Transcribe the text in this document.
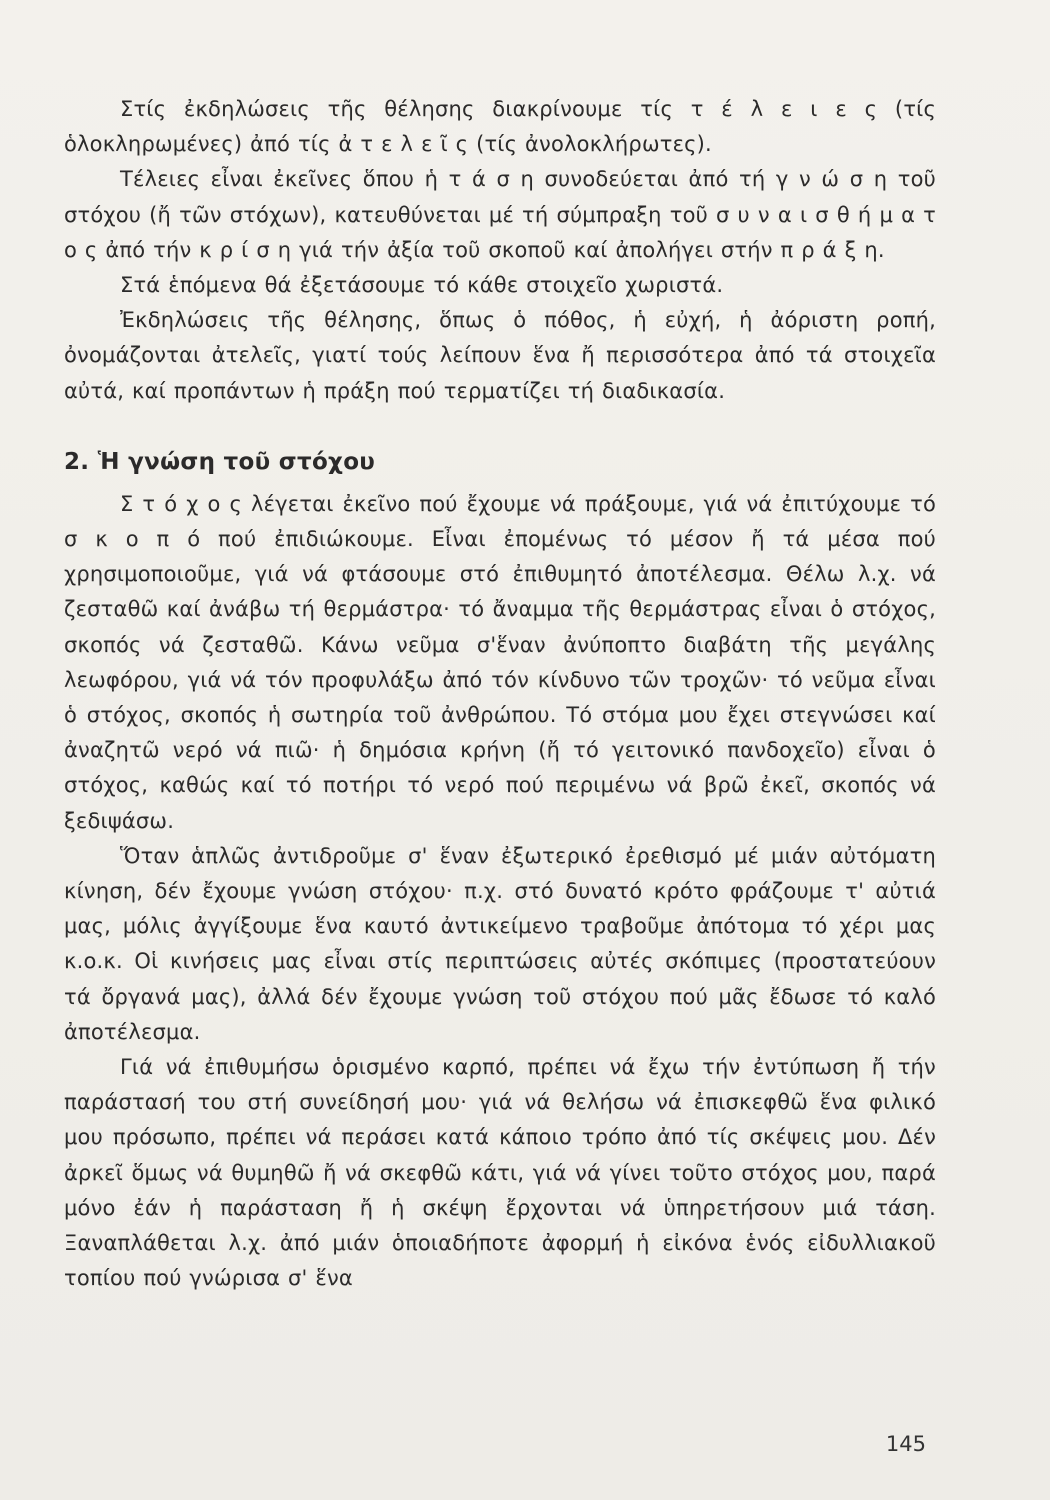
Στίς ἐκδηλώσεις τῆς θέλησης διακρίνουμε τίς τ έ λ ε ι ε ς (τίς ὁλοκληρωμένες) ἀπό τίς ἀ τ ε λ ε ῖ ς (τίς ἀνολοκλήρωτες).

Τέλειες εἶναι ἐκεῖνες ὅπου ἡ τ ά σ η συνοδεύεται ἀπό τή γ ν ώ σ η τοῦ στόχου (ἤ τῶν στόχων), κατευθύνεται μέ τή σύμπραξη τοῦ σ υ ν α ι σ θ ή μ α τ ο ς ἀπό τήν κ ρ ί σ η γιά τήν ἀξία τοῦ σκοποῦ καί ἀπολήγει στήν π ρ ά ξ η.

Στά ἑπόμενα θά ἐξετάσουμε τό κάθε στοιχεῖο χωριστά.

Ἐκδηλώσεις τῆς θέλησης, ὅπως ὁ πόθος, ἡ εὐχή, ἡ ἀόριστη ροπή, ὀνομάζονται ἀτελεῖς, γιατί τούς λείπουν ἕνα ἤ περισσότερα ἀπό τά στοιχεῖα αὐτά, καί προπάντων ἡ πράξη πού τερματίζει τή διαδικασία.

2. Ἡ γνώση τοῦ στόχου

Σ τ ό χ ο ς λέγεται ἐκεῖνο πού ἔχουμε νά πράξουμε, γιά νά ἐπιτύχουμε τό σ κ ο π ό πού ἐπιδιώκουμε. Εἶναι ἐπομένως τό μέσον ἤ τά μέσα πού χρησιμοποιοῦμε, γιά νά φτάσουμε στό ἐπιθυμητό ἀποτέλεσμα. Θέλω λ.χ. νά ζεσταθῶ καί ἀνάβω τή θερμάστρα· τό ἄναμμα τῆς θερμάστρας εἶναι ὁ στόχος, σκοπός νά ζεσταθῶ. Κάνω νεῦμα σ'ἕναν ἀνύποπτο διαβάτη τῆς μεγάλης λεωφόρου, γιά νά τόν προφυλάξω ἀπό τόν κίνδυνο τῶν τροχῶν· τό νεῦμα εἶναι ὁ στόχος, σκοπός ἡ σωτηρία τοῦ ἀνθρώπου. Τό στόμα μου ἔχει στεγνώσει καί ἀναζητῶ νερό νά πιῶ· ἡ δημόσια κρήνη (ἤ τό γειτονικό πανδοχεῖο) εἶναι ὁ στόχος, καθώς καί τό ποτήρι τό νερό πού περιμένω νά βρῶ ἐκεῖ, σκοπός νά ξεδιψάσω.

Ὅταν ἁπλῶς ἀντιδροῦμε σ' ἕναν ἐξωτερικό ἐρεθισμό μέ μιάν αὐτόματη κίνηση, δέν ἔχουμε γνώση στόχου· π.χ. στό δυνατό κρότο φράζουμε τ' αὐτιά μας, μόλις ἀγγίξουμε ἕνα καυτό ἀντικείμενο τραβοῦμε ἀπότομα τό χέρι μας κ.ο.κ. Οἱ κινήσεις μας εἶναι στίς περιπτώσεις αὐτές σκόπιμες (προστατεύουν τά ὄργανά μας), ἀλλά δέν ἔχουμε γνώση τοῦ στόχου πού μᾶς ἔδωσε τό καλό ἀποτέλεσμα.

Γιά νά ἐπιθυμήσω ὁρισμένο καρπό, πρέπει νά ἔχω τήν ἐντύπωση ἤ τήν παράστασή του στή συνείδησή μου· γιά νά θελήσω νά ἐπισκεφθῶ ἕνα φιλικό μου πρόσωπο, πρέπει νά περάσει κατά κάποιο τρόπο ἀπό τίς σκέψεις μου. Δέν ἀρκεῖ ὅμως νά θυμηθῶ ἤ νά σκεφθῶ κάτι, γιά νά γίνει τοῦτο στόχος μου, παρά μόνο ἐάν ἡ παράσταση ἤ ἡ σκέψη ἔρχονται νά ὑπηρετήσουν μιά τάση. Ξαναπλάθεται λ.χ. ἀπό μιάν ὁποιαδήποτε ἀφορμή ἡ εἰκόνα ἑνός εἰδυλλιακοῦ τοπίου πού γνώρισα σ' ἕνα

145
